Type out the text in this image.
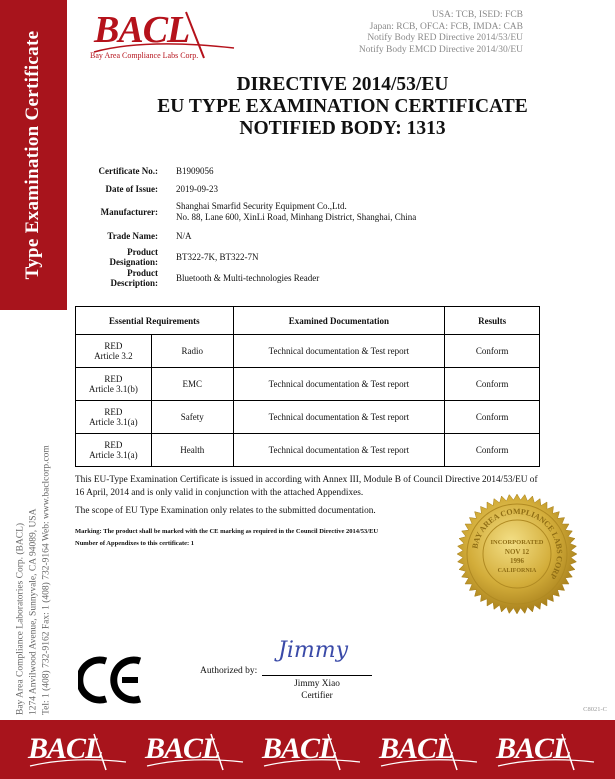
Type Examination Certificate
Bay Area Compliance Laboratories Corp. (BACL) 1274 Anvilwood Avenue, Sunnyvale, CA 94089, USA Tel: 1 (408) 732-9162 Fax: 1 (408) 732-9164 Web: www.baclcorp.com
BACL
Bay Area Compliance Labs Corp.
USA: TCB, ISED: FCB
Japan: RCB, OFCA: FCB, IMDA: CAB
Notify Body RED Directive 2014/53/EU
Notify Body EMCD Directive 2014/30/EU
DIRECTIVE 2014/53/EU
EU TYPE EXAMINATION CERTIFICATE
NOTIFIED BODY: 1313
Certificate No.:	B1909056
Date of Issue:	2019-09-23
Manufacturer:
Shanghai Smarfid Security Equipment Co.,Ltd.
No. 88, Lane 600, XinLi Road, Minhang District, Shanghai, China
Trade Name:	N/A
Product Designation:
BT322-7K, BT322-7N
Product Description:
Bluetooth & Multi-technologies Reader
Essential Requirements		Examined Documentation	Results

RED
Article 3.2	Radio	Technical documentation & Test report	Conform

RED
Article 3.1(b)	EMC	Technical documentation & Test report	Conform

RED
Article 3.1(a)	Safety	Technical documentation & Test report	Conform

RED
Article 3.1(a)	Health	Technical documentation & Test report	Conform
This EU-Type Examination Certificate is issued in according with Annex III, Module B of Council Directive 2014/53/EU of 16 April, 2014 and is only valid in conjunction with the attached Appendixes.
The scope of EU Type Examination only relates to the submitted documentation.
Marking: The product shall be marked with the CE marking as required in the Council Directive 2014/53/EU
Number of Appendixes to this certificate: 1	BAY AREA COMPLIANCE LABS CORP
INCORPORATED
NOV 12
1996
CALIFORNIA
CE
Authorized by:
Jimmy
Jimmy Xiao
Certifier
C8021-C
BACL BACL BACL BACL BACL
